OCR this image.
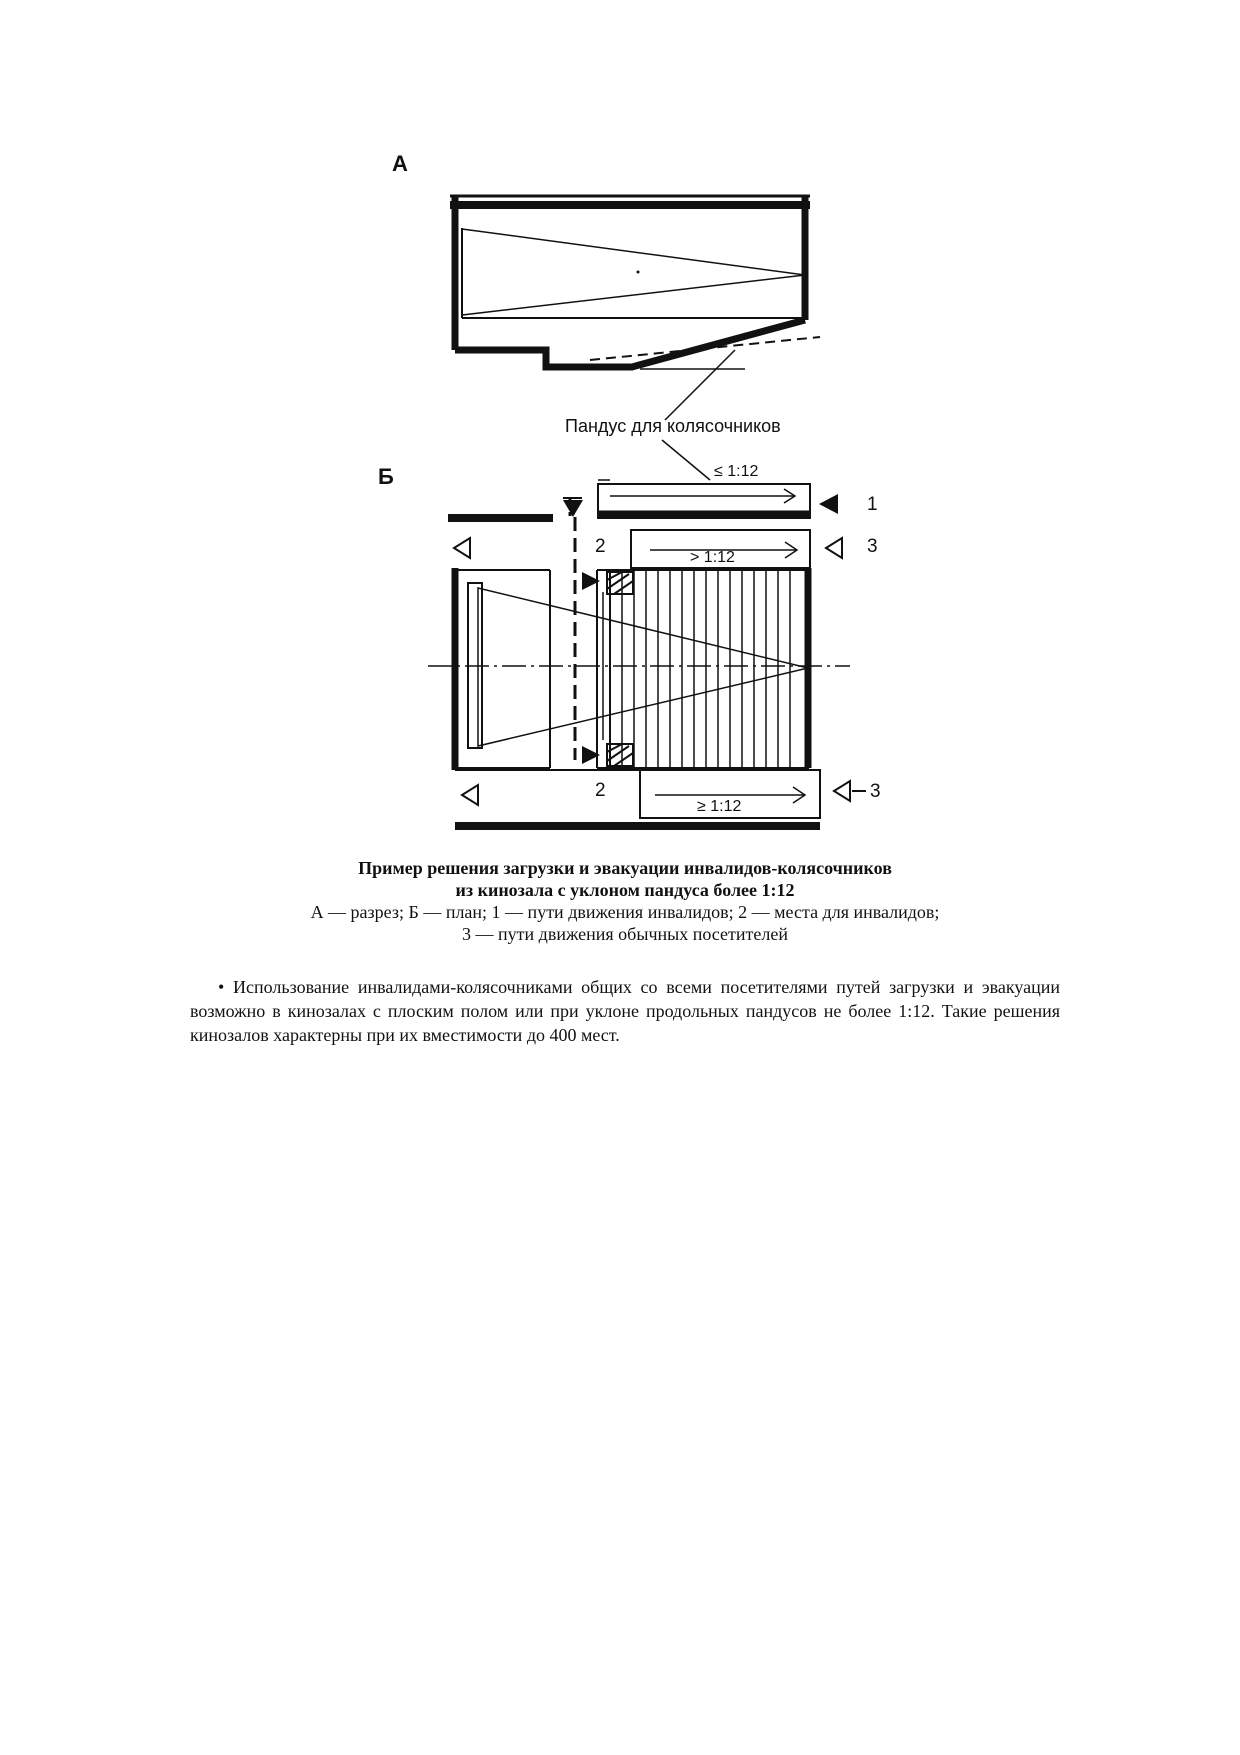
А
Пандус для колясочников
Б	≤ 1:12
> 1:12
≥ 1:12
1
2	3
2	3
Пример решения загрузки и эвакуации инвалидов-колясочников
из кинозала с уклоном пандуса более 1:12
А — разрез; Б — план; 1 — пути движения инвалидов; 2 — места для инвалидов;
3 — пути движения обычных посетителей

• Использование инвалидами-колясочниками общих со всеми посетителями путей загрузки и эвакуации возможно в кинозалах с плоским полом или при уклоне продольных пандусов не более 1:12. Такие решения кинозалов характерны при их вместимости до 400 мест.
